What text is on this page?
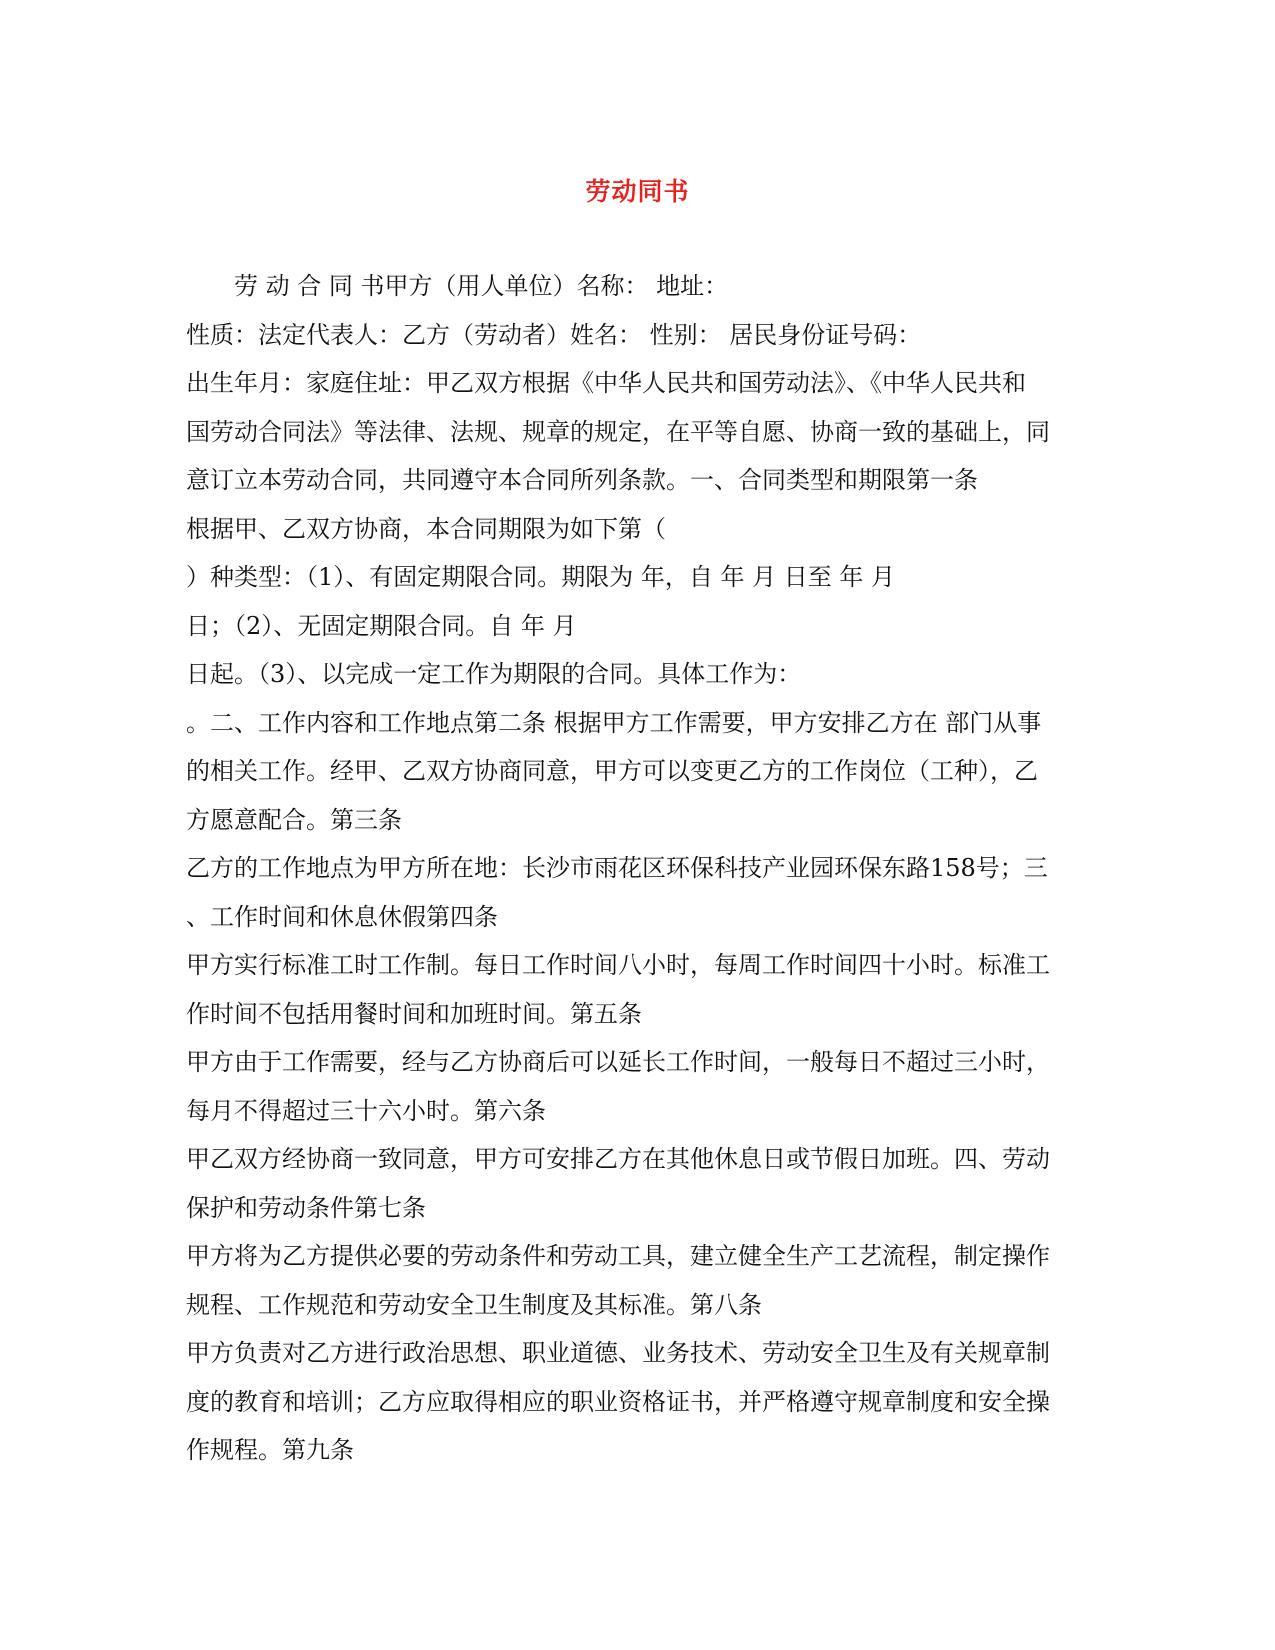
劳动同书
劳 动 合 同 书甲方（用人单位）名称： 地址：
性质：法定代表人：乙方（劳动者）姓名： 性别： 居民身份证号码：
出生年月：家庭住址：甲乙双方根据《中华人民共和国劳动法》、《中华人民共和
国劳动合同法》等法律、法规、规章的规定，在平等自愿、协商一致的基础上，同
意订立本劳动合同，共同遵守本合同所列条款。一、合同类型和期限第一条
根据甲、乙双方协商，本合同期限为如下第（
）种类型：（1）、有固定期限合同。期限为 年，自 年 月 日至 年 月
日；（2）、无固定期限合同。自 年 月
日起。（3）、以完成一定工作为期限的合同。具体工作为：
。二、工作内容和工作地点第二条 根据甲方工作需要，甲方安排乙方在 部门从事
的相关工作。经甲、乙双方协商同意，甲方可以变更乙方的工作岗位（工种），乙
方愿意配合。第三条
乙方的工作地点为甲方所在地：长沙市雨花区环保科技产业园环保东路158号；三
、工作时间和休息休假第四条
甲方实行标准工时工作制。每日工作时间八小时，每周工作时间四十小时。标准工
作时间不包括用餐时间和加班时间。第五条
甲方由于工作需要，经与乙方协商后可以延长工作时间，一般每日不超过三小时，
每月不得超过三十六小时。第六条
甲乙双方经协商一致同意，甲方可安排乙方在其他休息日或节假日加班。四、劳动
保护和劳动条件第七条
甲方将为乙方提供必要的劳动条件和劳动工具，建立健全生产工艺流程，制定操作
规程、工作规范和劳动安全卫生制度及其标准。第八条
甲方负责对乙方进行政治思想、职业道德、业务技术、劳动安全卫生及有关规章制
度的教育和培训；乙方应取得相应的职业资格证书，并严格遵守规章制度和安全操
作规程。第九条
